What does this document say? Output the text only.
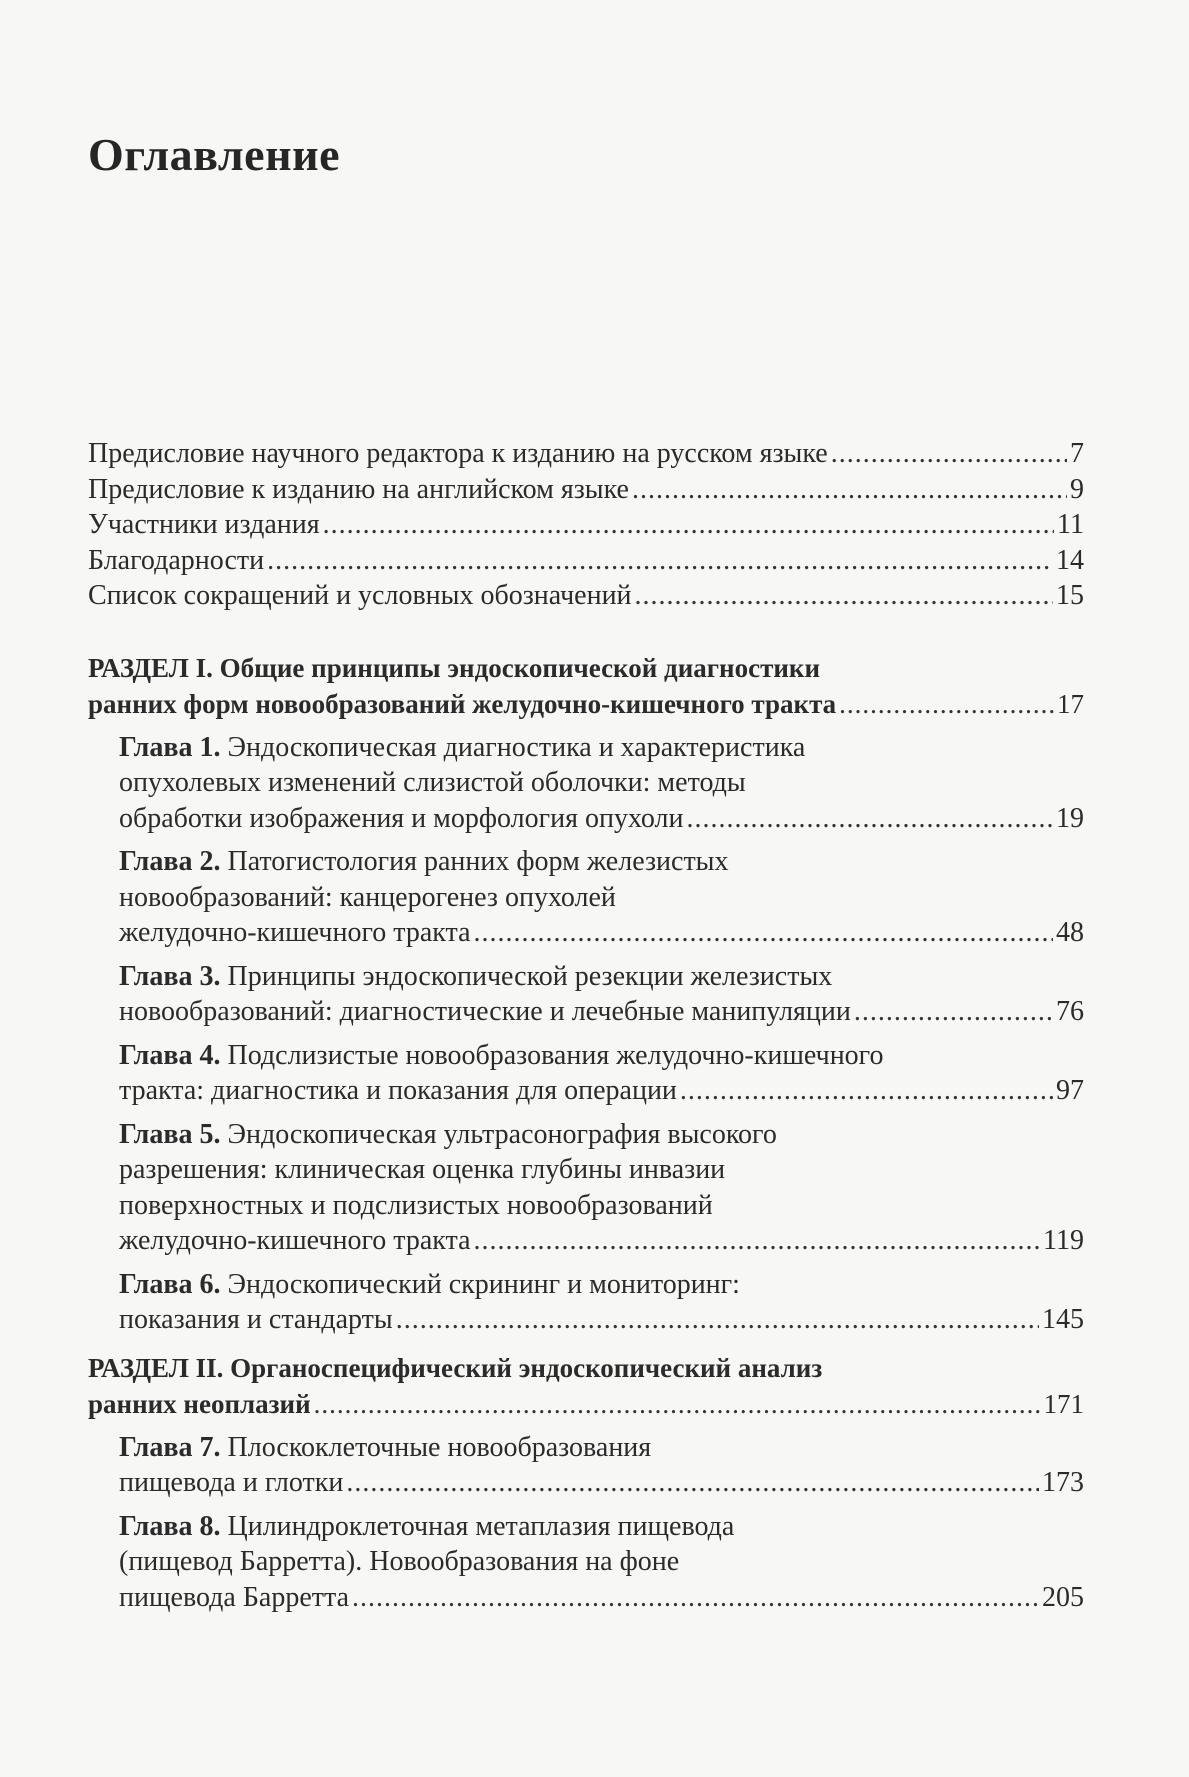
Оглавление
Предисловие научного редактора к изданию на русском языке .....	7
Предисловие к изданию на английском языке .....	9
Участники издания .....	11
Благодарности .....	14
Список сокращений и условных обозначений .....	15
РАЗДЕЛ I. Общие принципы эндоскопической диагностики
ранних форм новообразований желудочно-кишечного тракта .....	17
Глава 1. Эндоскопическая диагностика и характеристика
опухолевых изменений слизистой оболочки: методы
обработки изображения и морфология опухоли .....	19
Глава 2. Патогистология ранних форм железистых
новообразований: канцерогенез опухолей
желудочно-кишечного тракта .....	48
Глава 3. Принципы эндоскопической резекции железистых
новообразований: диагностические и лечебные манипуляции .....	76
Глава 4. Подслизистые новообразования желудочно-кишечного
тракта: диагностика и показания для операции .....	97
Глава 5. Эндоскопическая ультрасонография высокого
разрешения: клиническая оценка глубины инвазии
поверхностных и подслизистых новообразований
желудочно-кишечного тракта .....	119
Глава 6. Эндоскопический скрининг и мониторинг:
показания и стандарты .....	145
РАЗДЕЛ II. Органоспецифический эндоскопический анализ
ранних неоплазий .....	171
Глава 7. Плоскоклеточные новообразования
пищевода и глотки .....	173
Глава 8. Цилиндроклеточная метаплазия пищевода
(пищевод Барретта). Новообразования на фоне
пищевода Барретта .....	205
